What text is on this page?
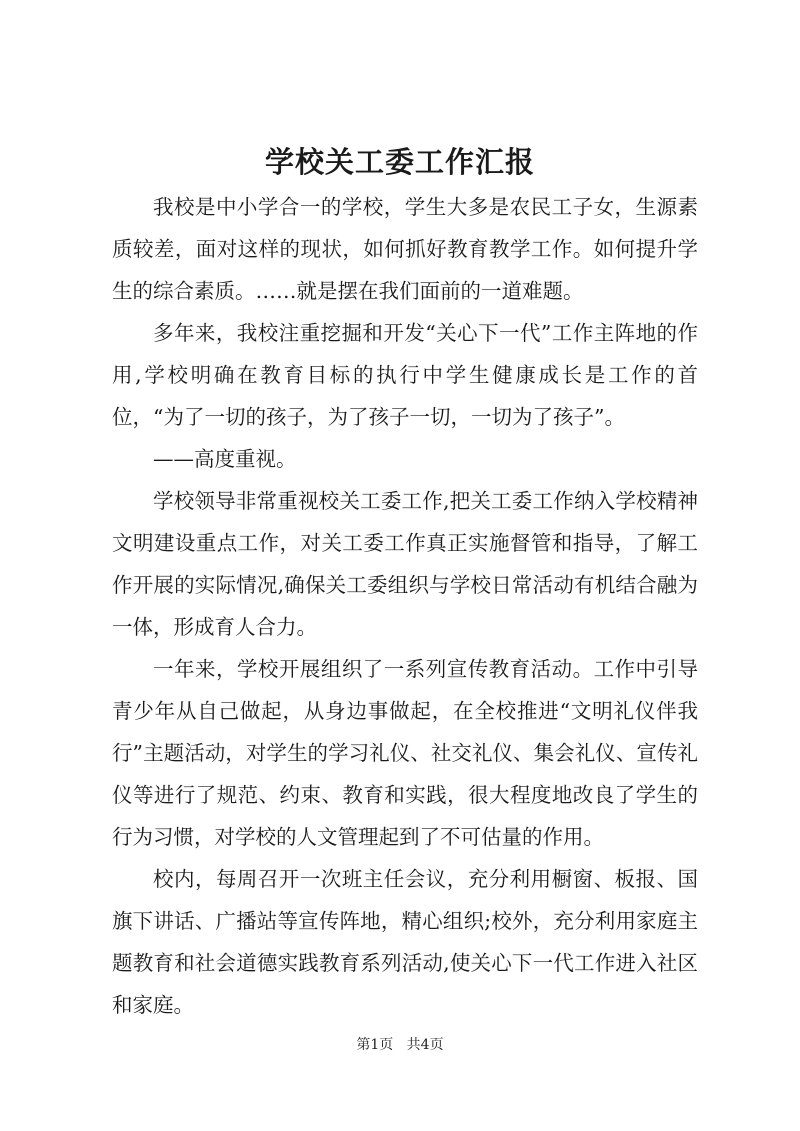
学校关工委工作汇报

我校是中小学合一的学校，学生大多是农民工子女，生源素质较差，面对这样的现状，如何抓好教育教学工作。如何提升学生的综合素质。……就是摆在我们面前的一道难题。

多年来，我校注重挖掘和开发“关心下一代”工作主阵地的作用,学校明确在教育目标的执行中学生健康成长是工作的首位，“为了一切的孩子，为了孩子一切，一切为了孩子”。

——高度重视。

学校领导非常重视校关工委工作,把关工委工作纳入学校精神文明建设重点工作，对关工委工作真正实施督管和指导，了解工作开展的实际情况,确保关工委组织与学校日常活动有机结合融为一体，形成育人合力。

一年来，学校开展组织了一系列宣传教育活动。工作中引导青少年从自己做起，从身边事做起，在全校推进“文明礼仪伴我行”主题活动，对学生的学习礼仪、社交礼仪、集会礼仪、宣传礼仪等进行了规范、约束、教育和实践，很大程度地改良了学生的行为习惯，对学校的人文管理起到了不可估量的作用。

校内，每周召开一次班主任会议，充分利用橱窗、板报、国旗下讲话、广播站等宣传阵地，精心组织;校外，充分利用家庭主题教育和社会道德实践教育系列活动,使关心下一代工作进入社区和家庭。

第1页 共4页
